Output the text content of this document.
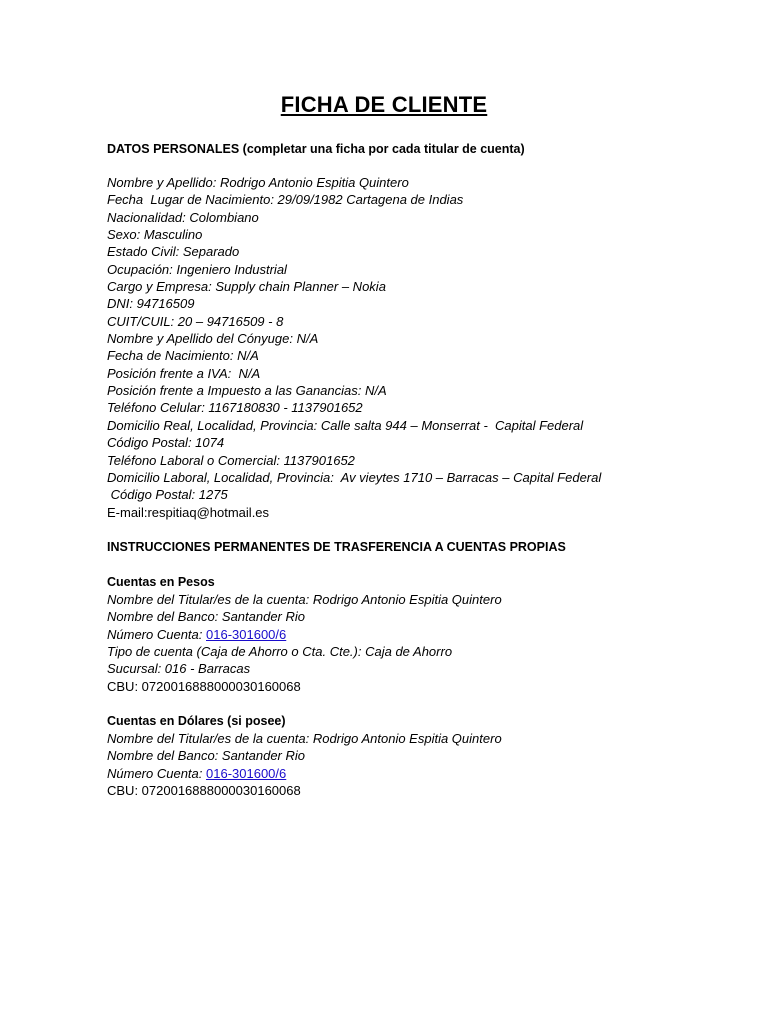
FICHA DE CLIENTE
DATOS PERSONALES (completar una ficha por cada titular de cuenta)
Nombre y Apellido: Rodrigo Antonio Espitia Quintero
Fecha  Lugar de Nacimiento: 29/09/1982 Cartagena de Indias
Nacionalidad: Colombiano
Sexo: Masculino
Estado Civil: Separado
Ocupación: Ingeniero Industrial
Cargo y Empresa: Supply chain Planner – Nokia
DNI: 94716509
CUIT/CUIL: 20 – 94716509 - 8
Nombre y Apellido del Cónyuge: N/A
Fecha de Nacimiento: N/A
Posición frente a IVA:  N/A
Posición frente a Impuesto a las Ganancias: N/A
Teléfono Celular: 1167180830 - 1137901652
Domicilio Real, Localidad, Provincia: Calle salta 944 – Monserrat -  Capital Federal
Código Postal: 1074
Teléfono Laboral o Comercial: 1137901652
Domicilio Laboral, Localidad, Provincia:  Av vieytes 1710 – Barracas – Capital Federal
Código Postal: 1275
E-mail:respitiaq@hotmail.es
INSTRUCCIONES PERMANENTES DE TRASFERENCIA A CUENTAS PROPIAS
Cuentas en Pesos
Nombre del Titular/es de la cuenta: Rodrigo Antonio Espitia Quintero
Nombre del Banco: Santander Rio
Número Cuenta: 016-301600/6
Tipo de cuenta (Caja de Ahorro o Cta. Cte.): Caja de Ahorro
Sucursal: 016 - Barracas
CBU: 0720016888000030160068
Cuentas en Dólares (si posee)
Nombre del Titular/es de la cuenta: Rodrigo Antonio Espitia Quintero
Nombre del Banco: Santander Rio
Número Cuenta: 016-301600/6
CBU: 0720016888000030160068
